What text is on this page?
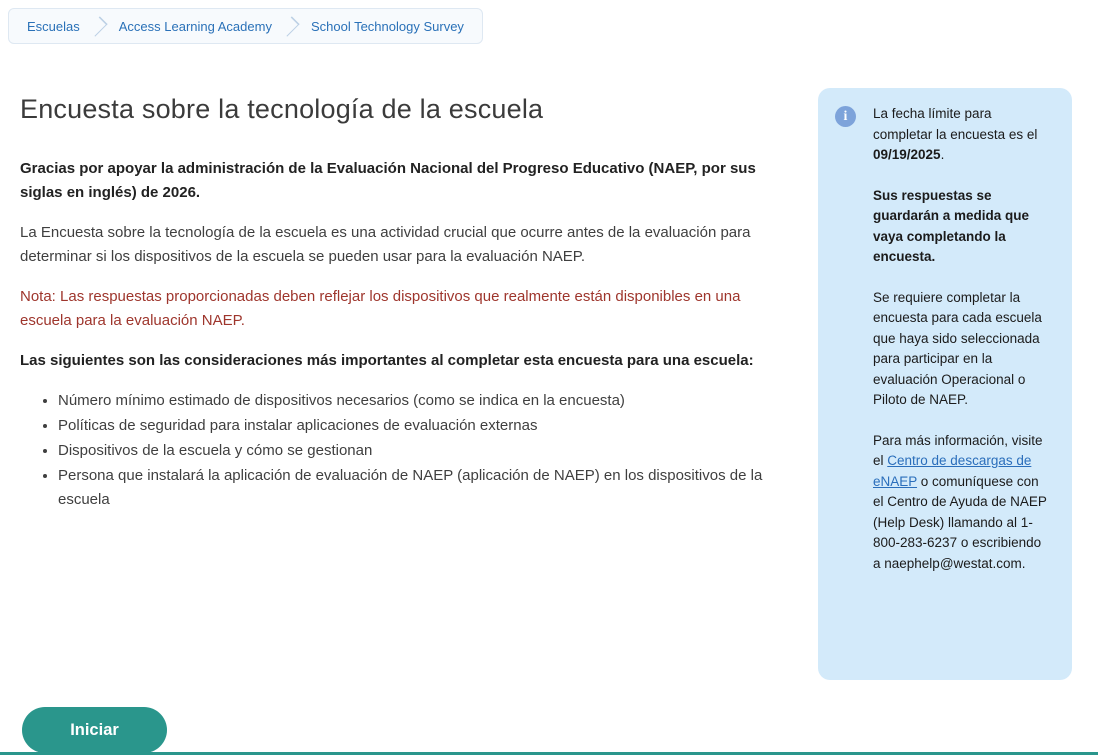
Escuelas	Access Learning Academy	School Technology Survey
Encuesta sobre la tecnología de la escuela

Gracias por apoyar la administración de la Evaluación Nacional del Progreso Educativo (NAEP, por sus siglas en inglés) de 2026.

La Encuesta sobre la tecnología de la escuela es una actividad crucial que ocurre antes de la evaluación para determinar si los dispositivos de la escuela se pueden usar para la evaluación NAEP.

Nota: Las respuestas proporcionadas deben reflejar los dispositivos que realmente están disponibles en una escuela para la evaluación NAEP.

Las siguientes son las consideraciones más importantes al completar esta encuesta para una escuela:

• Número mínimo estimado de dispositivos necesarios (como se indica en la encuesta)
• Políticas de seguridad para instalar aplicaciones de evaluación externas
• Dispositivos de la escuela y cómo se gestionan
• Persona que instalará la aplicación de evaluación de NAEP (aplicación de NAEP) en los dispositivos de la escuela
i	La fecha límite para completar la encuesta es el 09/19/2025.

Sus respuestas se guardarán a medida que vaya completando la encuesta.

Se requiere completar la encuesta para cada escuela que haya sido seleccionada para participar en la evaluación Operacional o Piloto de NAEP.

Para más información, visite el Centro de descargas de eNAEP o comuníquese con el Centro de Ayuda de NAEP (Help Desk) llamando al 1-800-283-6237 o escribiendo a naephelp@westat.com.

Iniciar
